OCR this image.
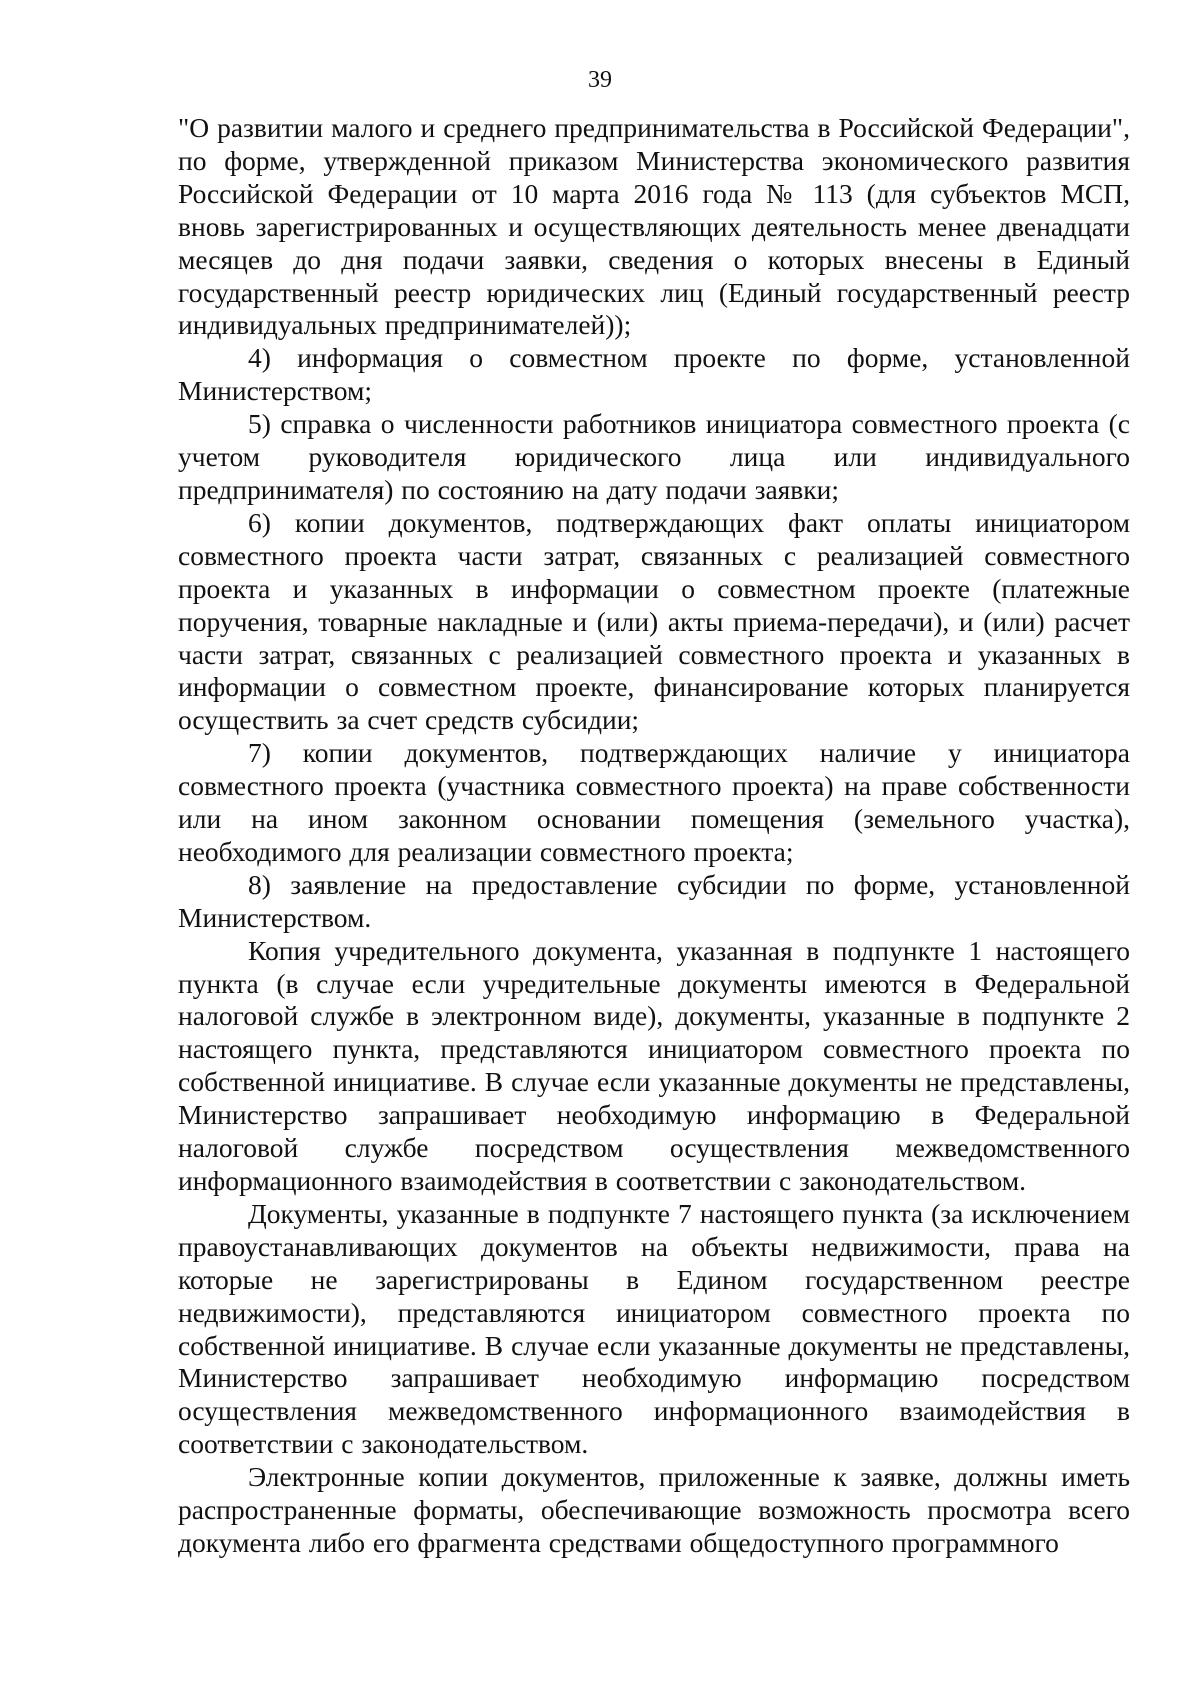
39

"О развитии малого и среднего предпринимательства в Российской Федерации", по форме, утвержденной приказом Министерства экономического развития Российской Федерации от 10 марта 2016 года № 113 (для субъектов МСП, вновь зарегистрированных и осуществляющих деятельность менее двенадцати месяцев до дня подачи заявки, сведения о которых внесены в Единый государственный реестр юридических лиц (Единый государственный реестр индивидуальных предпринимателей));

4) информация о совместном проекте по форме, установленной Министерством;

5) справка о численности работников инициатора совместного проекта (с учетом руководителя юридического лица или индивидуального предпринимателя) по состоянию на дату подачи заявки;

6) копии документов, подтверждающих факт оплаты инициатором совместного проекта части затрат, связанных с реализацией совместного проекта и указанных в информации о совместном проекте (платежные поручения, товарные накладные и (или) акты приема-передачи), и (или) расчет части затрат, связанных с реализацией совместного проекта и указанных в информации о совместном проекте, финансирование которых планируется осуществить за счет средств субсидии;

7) копии документов, подтверждающих наличие у инициатора совместного проекта (участника совместного проекта) на праве собственности или на ином законном основании помещения (земельного участка), необходимого для реализации совместного проекта;

8) заявление на предоставление субсидии по форме, установленной Министерством.

Копия учредительного документа, указанная в подпункте 1 настоящего пункта (в случае если учредительные документы имеются в Федеральной налоговой службе в электронном виде), документы, указанные в подпункте 2 настоящего пункта, представляются инициатором совместного проекта по собственной инициативе. В случае если указанные документы не представлены, Министерство запрашивает необходимую информацию в Федеральной налоговой службе посредством осуществления межведомственного информационного взаимодействия в соответствии с законодательством.

Документы, указанные в подпункте 7 настоящего пункта (за исключением правоустанавливающих документов на объекты недвижимости, права на которые не зарегистрированы в Едином государственном реестре недвижимости), представляются инициатором совместного проекта по собственной инициативе. В случае если указанные документы не представлены, Министерство запрашивает необходимую информацию посредством осуществления межведомственного информационного взаимодействия в соответствии с законодательством.

Электронные копии документов, приложенные к заявке, должны иметь распространенные форматы, обеспечивающие возможность просмотра всего документа либо его фрагмента средствами общедоступного программного
